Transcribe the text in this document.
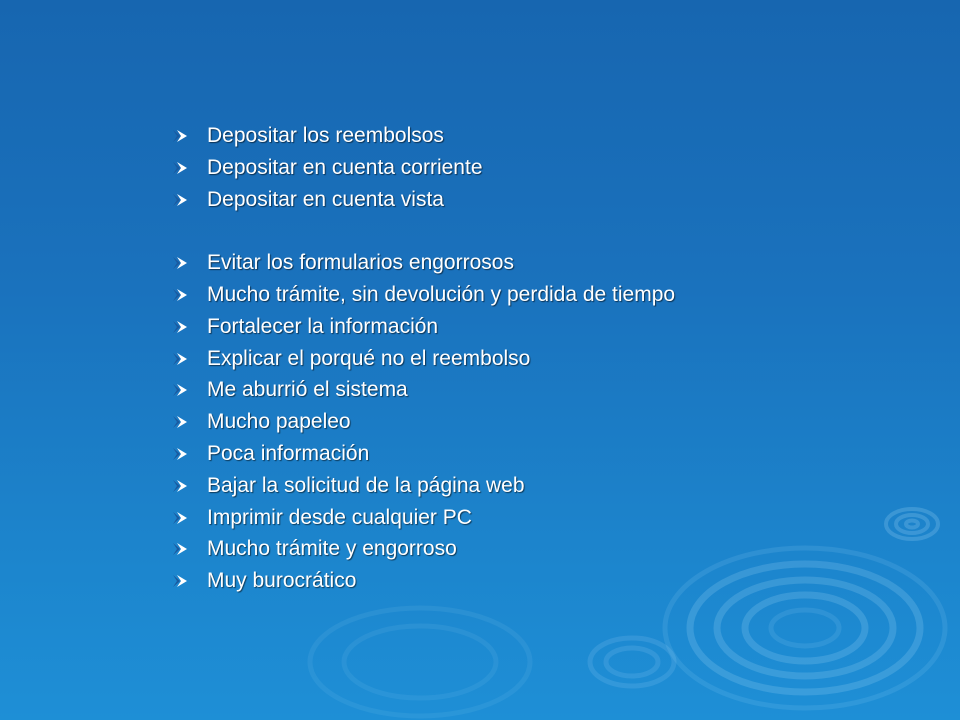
Depositar los reembolsos
Depositar en cuenta corriente
Depositar en cuenta vista
Evitar los formularios engorrosos
Mucho trámite, sin devolución y perdida de tiempo
Fortalecer la información
Explicar el porqué no el reembolso
Me aburrió el sistema
Mucho papeleo
Poca información
Bajar la solicitud de la página web
Imprimir desde cualquier PC
Mucho trámite y engorroso
Muy burocrático
